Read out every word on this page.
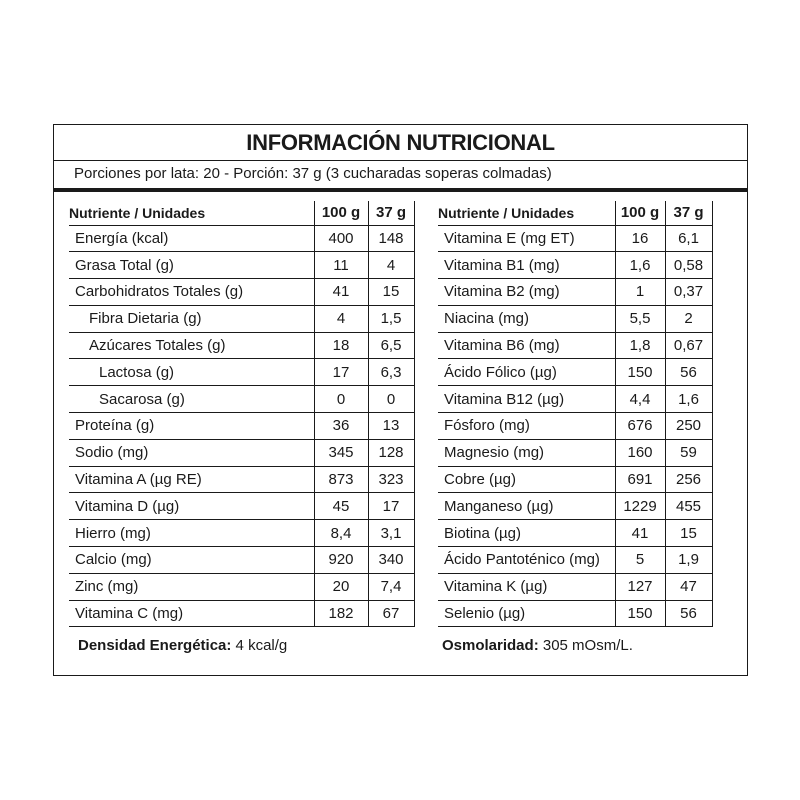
INFORMACIÓN NUTRICIONAL
Porciones por lata: 20 - Porción: 37 g (3 cucharadas soperas colmadas)
Nutriente / Unidades	100 g	37 g
Energía (kcal)	400	148
Grasa Total (g)	11	4
Carbohidratos Totales (g)	41	15
Fibra Dietaria (g)	4	1,5
Azúcares Totales (g)	18	6,5
Lactosa (g)	17	6,3
Sacarosa (g)	0	0
Proteína (g)	36	13
Sodio (mg)	345	128
Vitamina A (µg RE)	873	323
Vitamina D (µg)	45	17
Hierro (mg)	8,4	3,1
Calcio (mg)	920	340
Zinc (mg)	20	7,4
Vitamina C (mg)	182	67
Nutriente / Unidades	100 g	37 g
Vitamina E (mg ET)	16	6,1
Vitamina B1 (mg)	1,6	0,58
Vitamina B2 (mg)	1	0,37
Niacina (mg)	5,5	2
Vitamina B6 (mg)	1,8	0,67
Ácido Fólico (µg)	150	56
Vitamina B12 (µg)	4,4	1,6
Fósforo (mg)	676	250
Magnesio (mg)	160	59
Cobre (µg)	691	256
Manganeso (µg)	1229	455
Biotina (µg)	41	15
Ácido Pantoténico (mg)	5	1,9
Vitamina K (µg)	127	47
Selenio (µg)	150	56
Densidad Energética: 4 kcal/g	Osmolaridad: 305 mOsm/L.
